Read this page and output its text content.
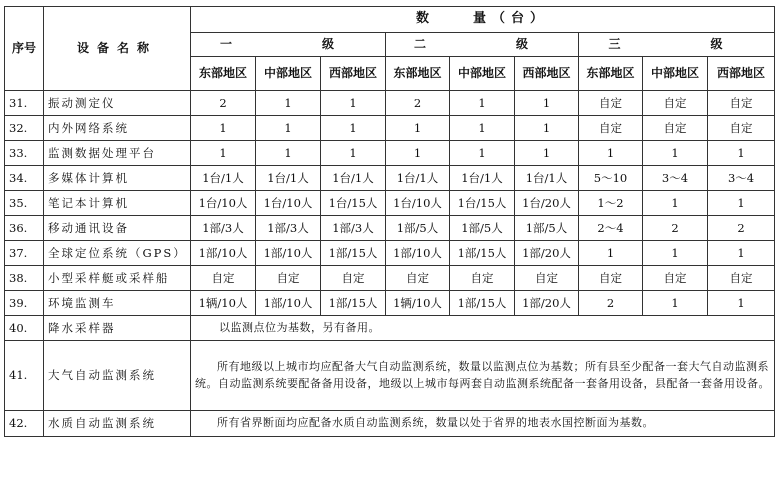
序号	设备名称	数　　量（台）								
		一　　级			二　　级			三　　级		
		东部地区	中部地区	西部地区	东部地区	中部地区	西部地区	东部地区	中部地区	西部地区
31.	振动测定仪	2	1	1	2	1	1	自定	自定	自定
32.	内外网络系统	1	1	1	1	1	1	自定	自定	自定
33.	监测数据处理平台	1	1	1	1	1	1	1	1	1
34.	多媒体计算机	1台/1人	1台/1人	1台/1人	1台/1人	1台/1人	1台/1人	5～10	3～4	3～4
35.	笔记本计算机	1台/10人	1台/10人	1台/15人	1台/10人	1台/15人	1台/20人	1～2	1	1
36.	移动通讯设备	1部/3人	1部/3人	1部/3人	1部/5人	1部/5人	1部/5人	2～4	2	2
37.	全球定位系统（GPS）	1部/10人	1部/10人	1部/15人	1部/10人	1部/15人	1部/20人	1	1	1
38.	小型采样艇或采样船	自定	自定	自定	自定	自定	自定	自定	自定	自定
39.	环境监测车	1辆/10人	1部/10人	1部/15人	1辆/10人	1部/15人	1部/20人	2	1	1
40.	降水采样器	以监测点位为基数，另有备用。								
41.	大气自动监测系统	所有地级以上城市均应配备大气自动监测系统，数量以监测点位为基数；所有县至少配备一套大气自动监测系统。自动监测系统要配备备用设备，地级以上城市每两套自动监测系统配备一套备用设备，县配备一套备用设备。								
42.	水质自动监测系统	所有省界断面均应配备水质自动监测系统，数量以处于省界的地表水国控断面为基数。								
